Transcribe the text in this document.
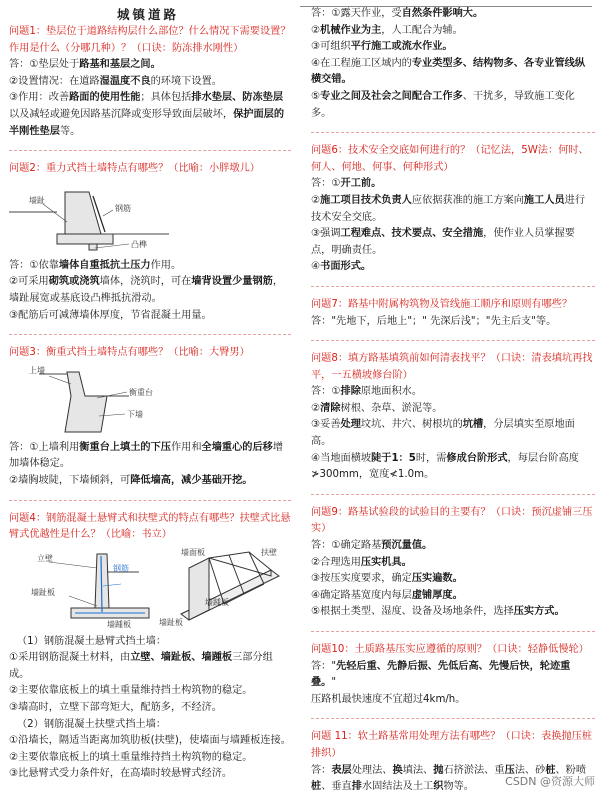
城镇道路

问题1：垫层位于道路结构层什么部位？什么情况下需要设置？作用是什么（分哪几种）？（口诀：防冻排水刚性）

答：①垫层处于路基和基层之间。

②设置情况：在道路湿温度不良的环境下设置。

③作用：改善路面的使用性能；具体包括排水垫层、防冻垫层以及减轻或避免因路基沉降或变形导致面层破坏，保护面层的半刚性垫层等。

问题2：重力式挡土墙特点有哪些？（比喻：小胖墩儿）

墙趾
钢筋
凸榫

答：①依靠墙体自重抵抗土压力作用。

②可采用砌筑或浇筑墙体，浇筑时，可在墙背设置少量钢筋，墙趾展宽或基底设凸榫抵抗滑动。

③配筋后可减薄墙体厚度，节省混凝土用量。

问题3：衡重式挡土墙特点有哪些？（比喻：大臀男）

上墙
衡重台
下墙

答：①上墙利用衡重台上填土的下压作用和全墙重心的后移增加墙体稳定。

②墙胸坡陡，下墙倾斜，可降低墙高，减少基础开挖。

问题4：钢筋混凝土悬臂式和扶壁式的特点有哪些？扶壁式比悬臂式优越性是什么？（比喻：书立）

立壁
钢筋
墙趾板
墙踵板
墙面板	扶壁
墙踵板
墙趾板

（1）钢筋混凝土悬臂式挡土墙：

①采用钢筋混凝土材料，由立壁、墙趾板、墙踵板三部分组成。

②主要依靠底板上的填土重量维持挡土构筑物的稳定。

③墙高时，立壁下部弯矩大，配筋多，不经济。

（2）钢筋混凝土扶壁式挡土墙：

①沿墙长，隔适当距离加筑肋板(扶壁)，使墙面与墙踵板连接。

②主要依靠底板上的填土重量维持挡土构筑物的稳定。

③比悬臂式受力条件好，在高墙时较悬臂式经济。

答：①露天作业，受自然条件影响大。

②机械作业为主，人工配合为辅。

③可组织平行施工或流水作业。

④在工程施工区域内的专业类型多、结构物多、各专业管线纵横交错。

⑤专业之间及社会之间配合工作多、干扰多，导致施工变化多。

问题6：技术安全交底如何进行的？（记忆法，5W法：何时、何人、何地、何事、何种形式）

答：①开工前。

②施工项目技术负责人应依据获准的施工方案向施工人员进行技术安全交底。

③强调工程难点、技术要点、安全措施，使作业人员掌握要点，明确责任。

④书面形式。

问题7：路基中附属构筑物及管线施工顺序和原则有哪些？

答："先地下，后地上"；" 先深后浅"；"先主后支"等。

问题8：填方路基填筑前如何清表找平？（口诀：清表填坑再找平，一五横坡修台阶）

答：①排除原地面积水。

②清除树根、杂草、淤泥等。

③妥善处理坟坑、井穴、树根坑的坑槽，分层填实至原地面高。

④当地面横坡陡于1：5时，需修成台阶形式，每层台阶高度≯300mm，宽度≮1.0m。

问题9：路基试验段的试验目的主要有？（口诀：预沉虚铺三压实）

答：①确定路基预沉量值。

②合理选用压实机具。

③按压实度要求，确定压实遍数。

④确定路基宽度内每层虚铺厚度。

⑤根据土类型、湿度、设备及场地条件，选择压实方式。

问题10：土质路基压实应遵循的原则？（口诀：轻静低慢轮）

答："先轻后重、先静后振、先低后高、先慢后快，轮迹重叠。"

压路机最快速度不宜超过4km/h。

问题 11：软土路基常用处理方法有哪些？（口诀：表换抛压桩排织）

答：表层处理法、换填法、抛石挤淤法、重压法、砂桩、粉喷桩、垂直排水固结法及土工织物等。	CSDN @资源大师
